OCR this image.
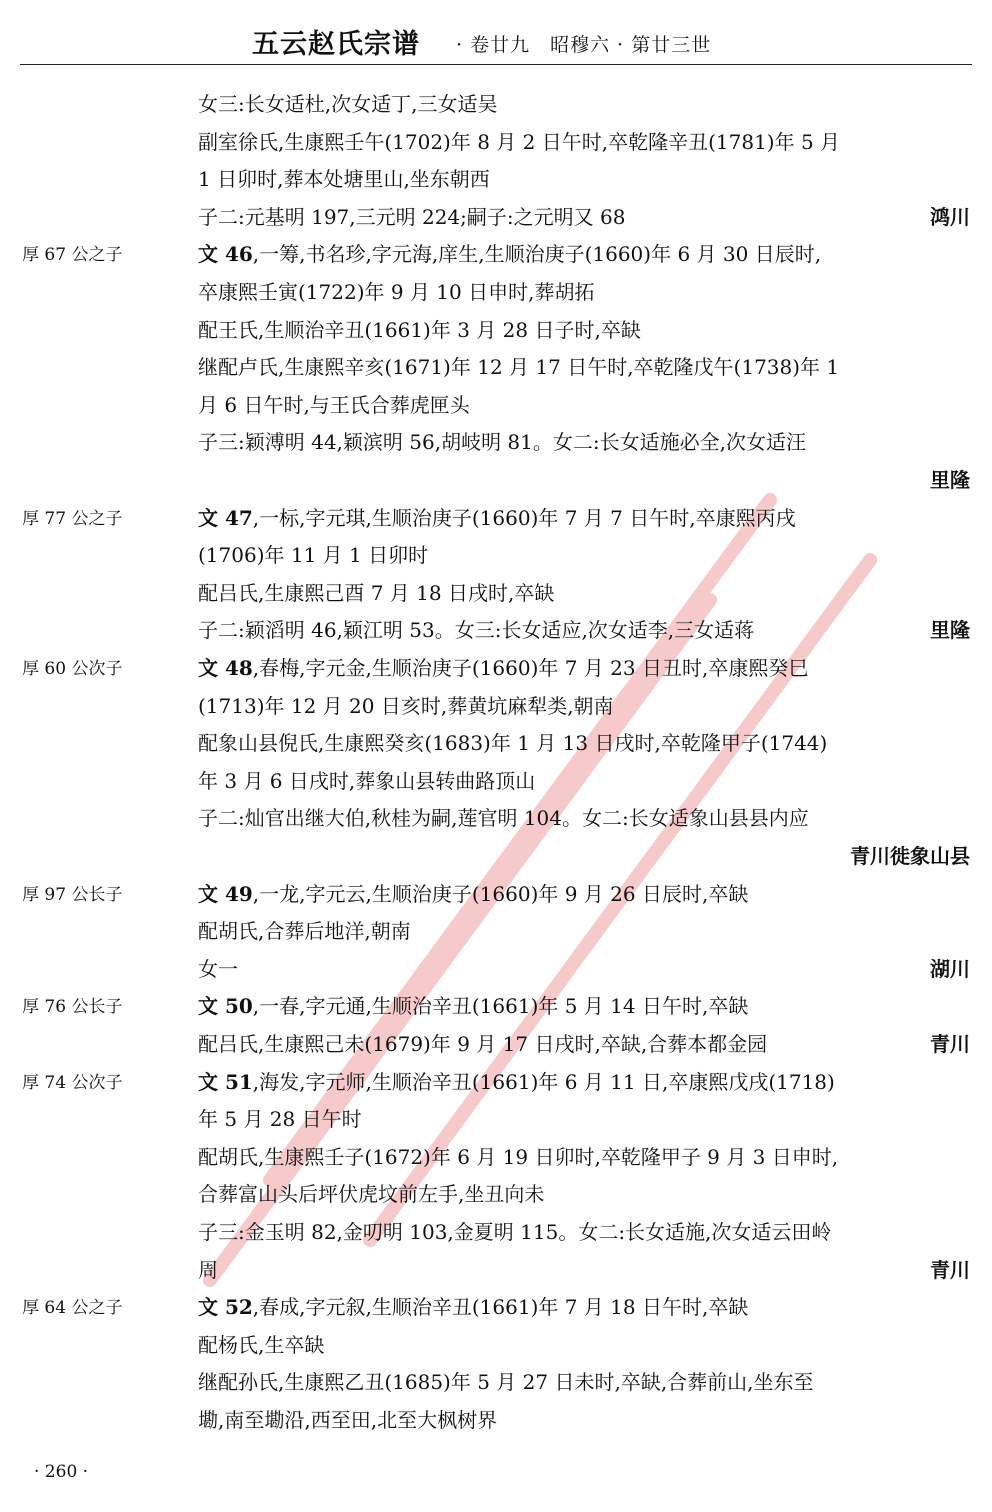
五云赵氏宗谱 · 卷廿九　昭穆六 · 第廿三世
女三:长女适杜,次女适丁,三女适吴
副室徐氏,生康熙壬午(1702)年 8 月 2 日午时,卒乾隆辛丑(1781)年 5 月
1 日卯时,葬本处塘里山,坐东朝西
子二:元基明 197,三元明 224;嗣子:之元明又 68	鸿川
厚 67 公之子	文 46,一筹,书名珍,字元海,庠生,生顺治庚子(1660)年 6 月 30 日辰时,
卒康熙壬寅(1722)年 9 月 10 日申时,葬胡拓
配王氏,生顺治辛丑(1661)年 3 月 28 日子时,卒缺
继配卢氏,生康熙辛亥(1671)年 12 月 17 日午时,卒乾隆戊午(1738)年 1
月 6 日午时,与王氏合葬虎匣头
子三:颖溥明 44,颖滨明 56,胡岐明 81。女二:长女适施必全,次女适汪
里隆
厚 77 公之子	文 47,一标,字元琪,生顺治庚子(1660)年 7 月 7 日午时,卒康熙丙戌
(1706)年 11 月 1 日卯时
配吕氏,生康熙己酉 7 月 18 日戌时,卒缺
子二:颖滔明 46,颖江明 53。女三:长女适应,次女适李,三女适蒋	里隆
厚 60 公次子	文 48,春梅,字元金,生顺治庚子(1660)年 7 月 23 日丑时,卒康熙癸巳
(1713)年 12 月 20 日亥时,葬黄坑麻犁类,朝南
配象山县倪氏,生康熙癸亥(1683)年 1 月 13 日戌时,卒乾隆甲子(1744)
年 3 月 6 日戌时,葬象山县转曲路顶山
子二:灿官出继大伯,秋桂为嗣,莲官明 104。女二:长女适象山县县内应
青川徙象山县
厚 97 公长子	文 49,一龙,字元云,生顺治庚子(1660)年 9 月 26 日辰时,卒缺
配胡氏,合葬后地洋,朝南
女一	湖川
厚 76 公长子	文 50,一春,字元通,生顺治辛丑(1661)年 5 月 14 日午时,卒缺
配吕氏,生康熙己未(1679)年 9 月 17 日戌时,卒缺,合葬本都金园	青川
厚 74 公次子	文 51,海发,字元师,生顺治辛丑(1661)年 6 月 11 日,卒康熙戊戌(1718)
年 5 月 28 日午时
配胡氏,生康熙壬子(1672)年 6 月 19 日卯时,卒乾隆甲子 9 月 3 日申时,
合葬富山头后坪伏虎坟前左手,坐丑向未
子三:金玉明 82,金叨明 103,金夏明 115。女二:长女适施,次女适云田岭
周	青川
厚 64 公之子	文 52,春成,字元叙,生顺治辛丑(1661)年 7 月 18 日午时,卒缺
配杨氏,生卒缺
继配孙氏,生康熙乙丑(1685)年 5 月 27 日未时,卒缺,合葬前山,坐东至
墈,南至墈沿,西至田,北至大枫树界
· 260 ·
